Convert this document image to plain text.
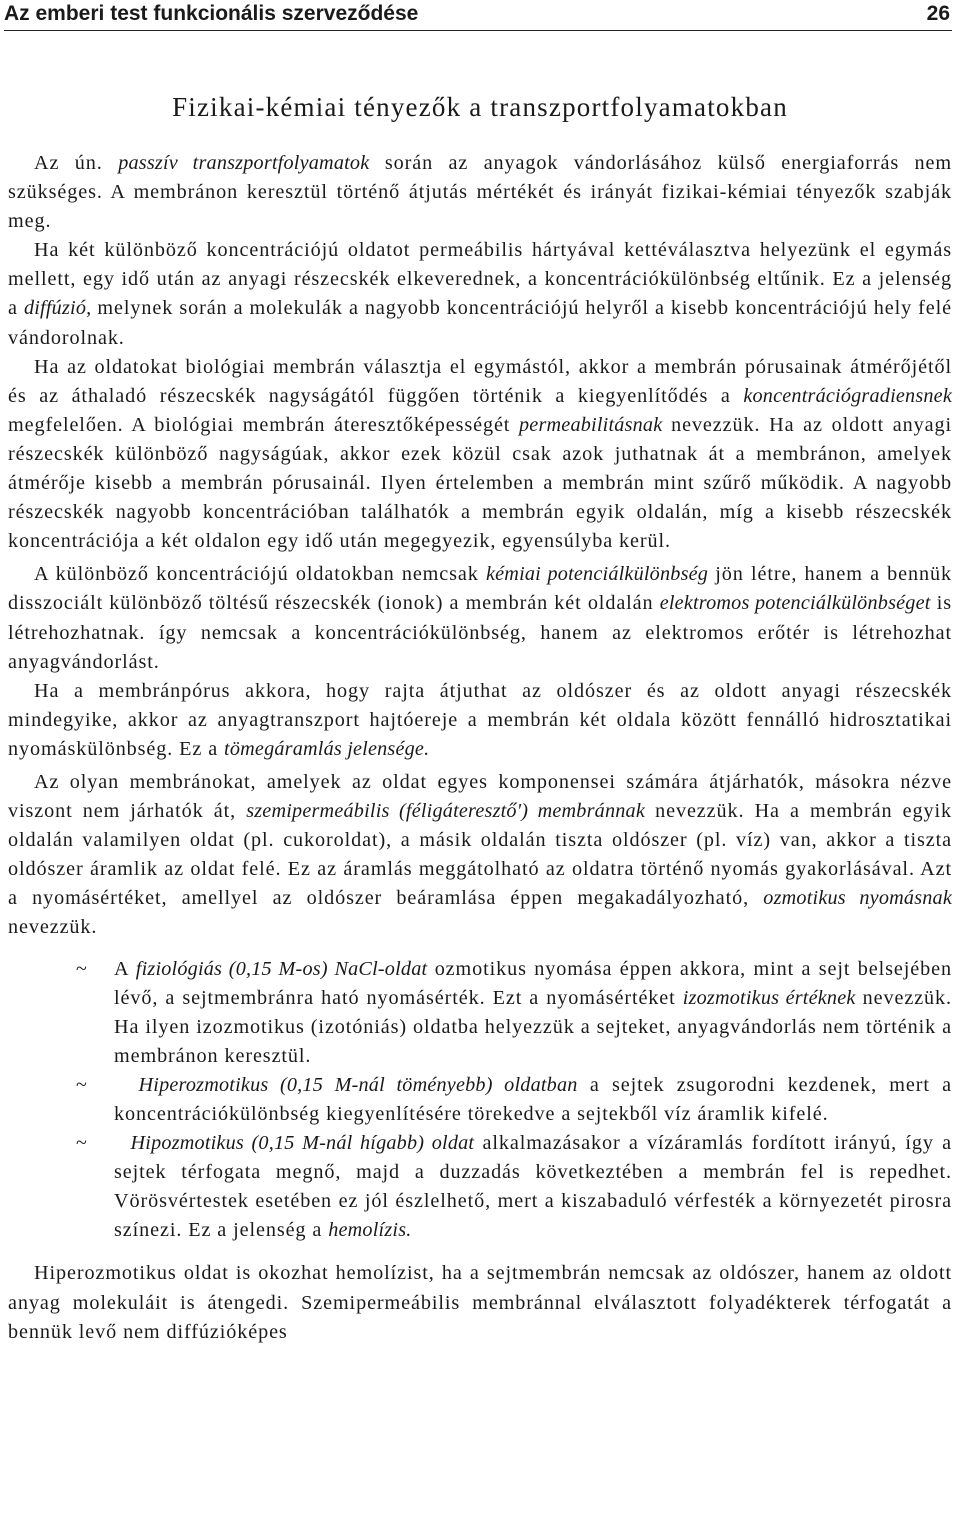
Az emberi test funkcionális szerveződése	26
Fizikai-kémiai tényezők a transzportfolyamatokban

Az ún. passzív transzportfolyamatok során az anyagok vándorlásához külső energiaforrás nem szükséges. A membránon keresztül történő átjutás mértékét és irányát fizikai-kémiai tényezők szabják meg.

Ha két különböző koncentrációjú oldatot permeábilis hártyával kettéválasztva helyezünk el egymás mellett, egy idő után az anyagi részecskék elkeverednek, a koncentrációkülönbség eltűnik. Ez a jelenség a diffúzió, melynek során a molekulák a nagyobb koncentrációjú helyről a kisebb koncentrációjú hely felé vándorolnak.

Ha az oldatokat biológiai membrán választja el egymástól, akkor a membrán pórusainak átmérőjétől és az áthaladó részecskék nagyságától függően történik a kiegyenlítődés a koncentrációgradiensnek megfelelően. A biológiai membrán áteresztőképességét permeabilitásnak nevezzük. Ha az oldott anyagi részecskék különböző nagyságúak, akkor ezek közül csak azok juthatnak át a membránon, amelyek átmérője kisebb a membrán pórusainál. Ilyen értelemben a membrán mint szűrő működik. A nagyobb részecskék nagyobb koncentrációban találhatók a membrán egyik oldalán, míg a kisebb részecskék koncentrációja a két oldalon egy idő után megegyezik, egyensúlyba kerül.

A különböző koncentrációjú oldatokban nemcsak kémiai potenciálkülönbség jön létre, hanem a bennük disszociált különböző töltésű részecskék (ionok) a membrán két oldalán elektromos potenciálkülönbséget is létrehozhatnak. így nemcsak a koncentrációkülönbség, hanem az elektromos erőtér is létrehozhat anyagvándorlást.

Ha a membránpórus akkora, hogy rajta átjuthat az oldószer és az oldott anyagi részecskék mindegyike, akkor az anyagtranszport hajtóereje a membrán két oldala között fennálló hidrosztatikai nyomáskülönbség. Ez a tömegáramlás jelensége.

Az olyan membránokat, amelyek az oldat egyes komponensei számára átjárhatók, másokra nézve viszont nem járhatók át, szemipermeábilis (féligáteresztő') membránnak nevezzük. Ha a membrán egyik oldalán valamilyen oldat (pl. cukoroldat), a másik oldalán tiszta oldószer (pl. víz) van, akkor a tiszta oldószer áramlik az oldat felé. Ez az áramlás meggátolható az oldatra történő nyomás gyakorlásával. Azt a nyomásértéket, amellyel az oldószer beáramlása éppen megakadályozható, ozmotikus nyomásnak nevezzük.

~ A fiziológiás (0,15 M-os) NaCl-oldat ozmotikus nyomása éppen akkora, mint a sejt belsejében lévő, a sejtmembránra ható nyomásérték. Ezt a nyomásértéket izozmotikus értéknek nevezzük. Ha ilyen izozmotikus (izotóniás) oldatba helyezzük a sejteket, anyagvándorlás nem történik a membránon keresztül.
~	Hiperozmotikus (0,15 M-nál töményebb) oldatban a sejtek zsugorodni kezdenek, mert a koncentrációkülönbség kiegyenlítésére törekedve a sejtekből víz áramlik kifelé.
~ Hipozmotikus (0,15 M-nál hígabb) oldat alkalmazásakor a vízáramlás fordított irányú, így a sejtek térfogata megnő, majd a duzzadás következtében a membrán fel is repedhet. Vörösvértestek esetében ez jól észlelhető, mert a kiszabaduló vérfesték a környezetét pirosra színezi. Ez a jelenség a hemolízis.

Hiperozmotikus oldat is okozhat hemolízist, ha a sejtmembrán nemcsak az oldószer, hanem az oldott anyag molekuláit is átengedi. Szemipermeábilis membránnal elválasztott folyadékterek térfogatát a bennük levő nem diffúzióképes
